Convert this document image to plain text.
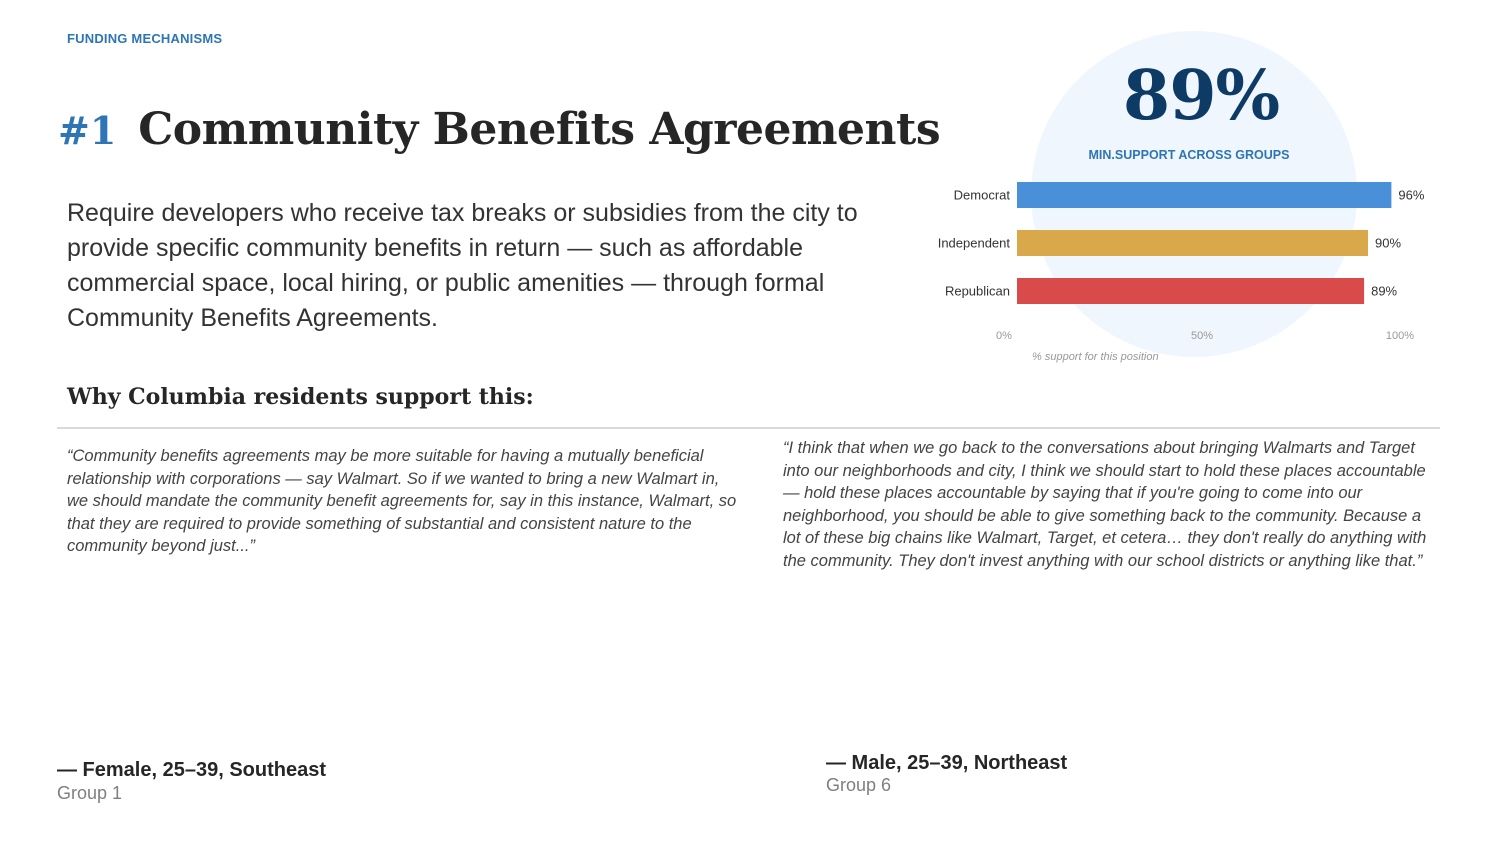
FUNDING MECHANISMS
#1 Community Benefits Agreements
Require developers who receive tax breaks or subsidies from the city to provide specific community benefits in return — such as affordable commercial space, local hiring, or public amenities — through formal Community Benefits Agreements.
Why Columbia residents support this:
“Community benefits agreements may be more suitable for having a mutually beneficial relationship with corporations — say Walmart. So if we wanted to bring a new Walmart in, we should mandate the community benefit agreements for, say in this instance, Walmart, so that they are required to provide something of substantial and consistent nature to the community beyond just...”
“I think that when we go back to the conversations about bringing Walmarts and Target into our neighborhoods and city, I think we should start to hold these places accountable — hold these places accountable by saying that if you're going to come into our neighborhood, you should be able to give something back to the community. Because a lot of these big chains like Walmart, Target, et cetera… they don't really do anything with the community. They don't invest anything with our school districts or anything like that.”
— Female, 25–39, Southeast
Group 1
— Male, 25–39, Northeast
Group 6
89%
MIN.SUPPORT ACROSS GROUPS
Democrat	96%
Independent	90%
Republican	89%
0%	50%	100%
% support for this position
